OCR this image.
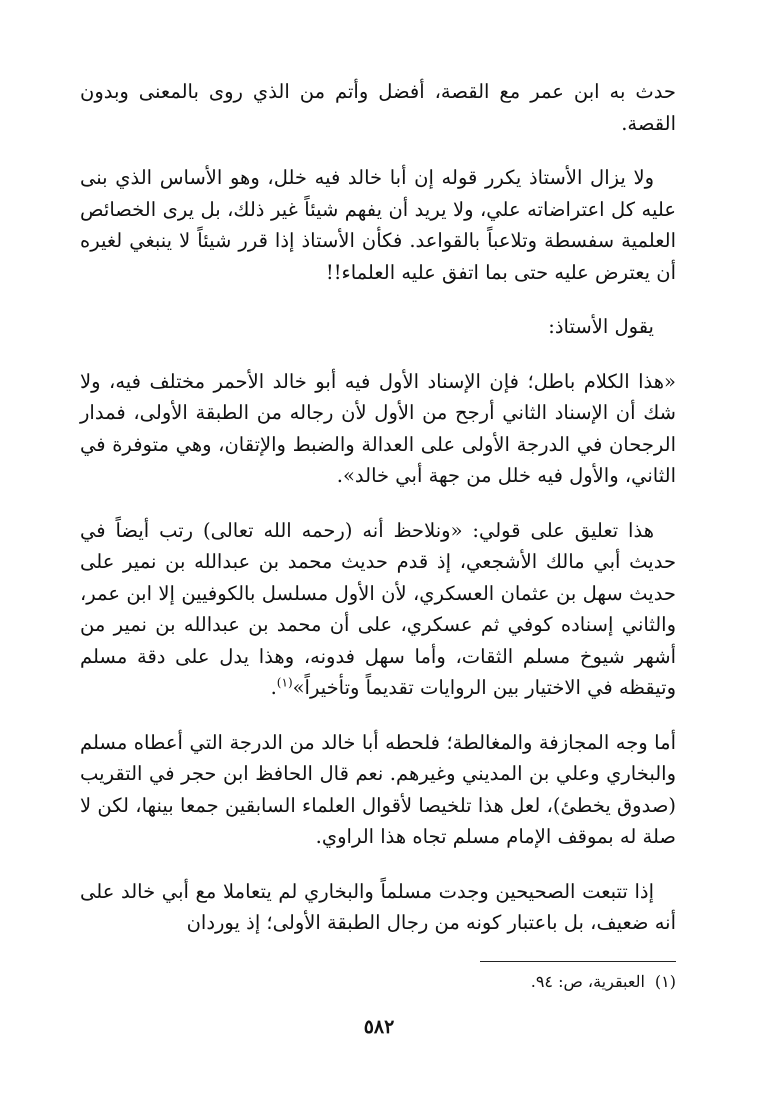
حدث به ابن عمر مع القصة، أفضل وأتم من الذي روى بالمعنى وبدون القصة.

ولا يزال الأستاذ يكرر قوله إن أبا خالد فيه خلل، وهو الأساس الذي بنى عليه كل اعتراضاته علي، ولا يريد أن يفهم شيئاً غير ذلك، بل يرى الخصائص العلمية سفسطة وتلاعباً بالقواعد. فكأن الأستاذ إذا قرر شيئاً لا ينبغي لغيره أن يعترض عليه حتى بما اتفق عليه العلماء!!

يقول الأستاذ:

«هذا الكلام باطل؛ فإن الإسناد الأول فيه أبو خالد الأحمر مختلف فيه، ولا شك أن الإسناد الثاني أرجح من الأول لأن رجاله من الطبقة الأولى، فمدار الرجحان في الدرجة الأولى على العدالة والضبط والإتقان، وهي متوفرة في الثاني، والأول فيه خلل من جهة أبي خالد».

هذا تعليق على قولي: «ونلاحظ أنه (رحمه الله تعالى) رتب أيضاً في حديث أبي مالك الأشجعي، إذ قدم حديث محمد بن عبدالله بن نمير على حديث سهل بن عثمان العسكري، لأن الأول مسلسل بالكوفيين إلا ابن عمر، والثاني إسناده كوفي ثم عسكري، على أن محمد بن عبدالله بن نمير من أشهر شيوخ مسلم الثقات، وأما سهل فدونه، وهذا يدل على دقة مسلم وتيقظه في الاختيار بين الروايات تقديماً وتأخيراً»$^{(١)}$.

أما وجه المجازفة والمغالطة؛ فلحطه أبا خالد من الدرجة التي أعطاه مسلم والبخاري وعلي بن المديني وغيرهم. نعم قال الحافظ ابن حجر في التقريب (صدوق يخطئ)، لعل هذا تلخيصا لأقوال العلماء السابقين جمعا بينها، لكن لا صلة له بموقف الإمام مسلم تجاه هذا الراوي.

إذا تتبعت الصحيحين وجدت مسلماً والبخاري لم يتعاملا مع أبي خالد على أنه ضعيف، بل باعتبار كونه من رجال الطبقة الأولى؛ إذ يوردان

(١)العبقرية، ص: ٩٤.
٥٨٢
